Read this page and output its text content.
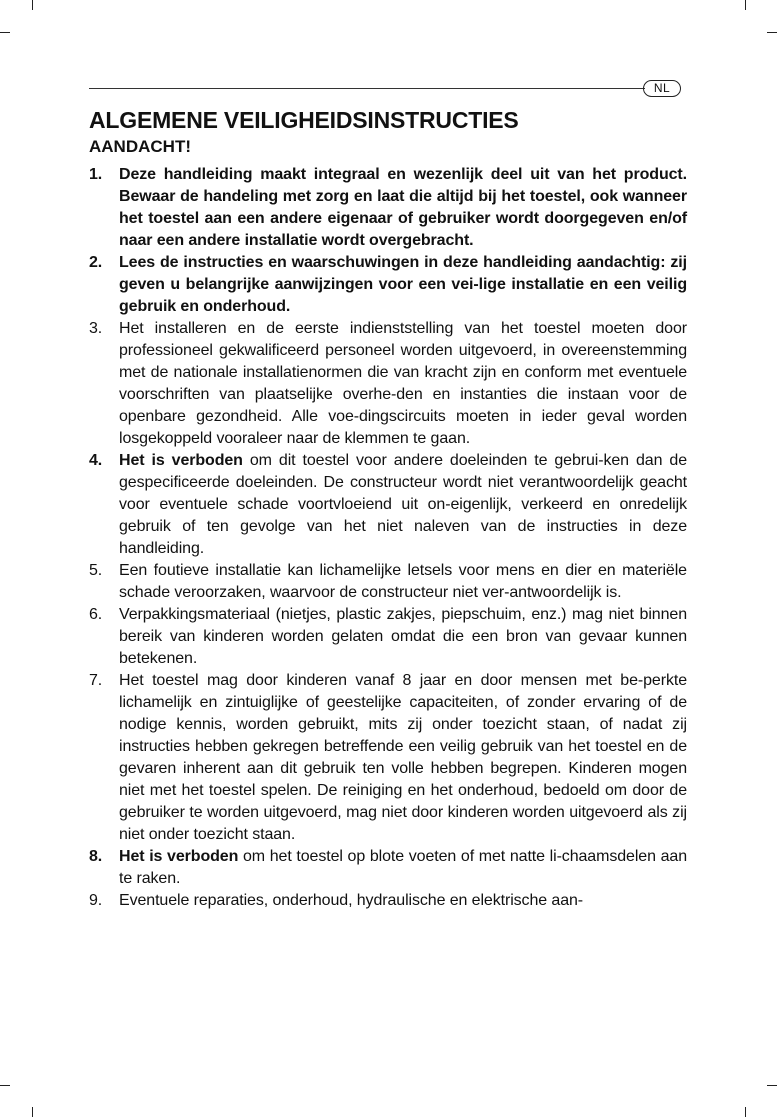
NL
ALGEMENE VEILIGHEIDSINSTRUCTIES
AANDACHT!
1.	Deze handleiding maakt integraal en wezenlijk deel uit van het product. Bewaar de handeling met zorg en laat die altijd bij het toestel, ook wanneer het toestel aan een andere eigenaar of gebruiker wordt doorgegeven en/of naar een andere installatie wordt overgebracht.
2.	Lees de instructies en waarschuwingen in deze handleiding aandachtig: zij geven u belangrijke aanwijzingen voor een vei-lige installatie en een veilig gebruik en onderhoud.
3.	Het installeren en de eerste indienststelling van het toestel moeten door professioneel gekwalificeerd personeel worden uitgevoerd, in overeenstemming met de nationale installatienormen die van kracht zijn en conform met eventuele voorschriften van plaatselijke overhe-den en instanties die instaan voor de openbare gezondheid. Alle voe-dingscircuits moeten in ieder geval worden losgekoppeld vooraleer naar de klemmen te gaan.
4.	Het is verboden om dit toestel voor andere doeleinden te gebrui-ken dan de gespecificeerde doeleinden. De constructeur wordt niet verantwoordelijk geacht voor eventuele schade voortvloeiend uit on-eigenlijk, verkeerd en onredelijk gebruik of ten gevolge van het niet naleven van de instructies in deze handleiding.
5.	Een foutieve installatie kan lichamelijke letsels voor mens en dier en materiële schade veroorzaken, waarvoor de constructeur niet ver-antwoordelijk is.
6.	Verpakkingsmateriaal (nietjes, plastic zakjes, piepschuim, enz.) mag niet binnen bereik van kinderen worden gelaten omdat die een bron van gevaar kunnen betekenen.
7.	Het toestel mag door kinderen vanaf 8 jaar en door mensen met be-perkte lichamelijk en zintuiglijke of geestelijke capaciteiten, of zonder ervaring of de nodige kennis, worden gebruikt, mits zij onder toezicht staan, of nadat zij instructies hebben gekregen betreffende een veilig gebruik van het toestel en de gevaren inherent aan dit gebruik ten volle hebben begrepen. Kinderen mogen niet met het toestel spelen. De reiniging en het onderhoud, bedoeld om door de gebruiker te worden uitgevoerd, mag niet door kinderen worden uitgevoerd als zij niet onder toezicht staan.
8.	Het is verboden om het toestel op blote voeten of met natte li-chaamsdelen aan te raken.
9.	Eventuele reparaties, onderhoud, hydraulische en elektrische aan-
